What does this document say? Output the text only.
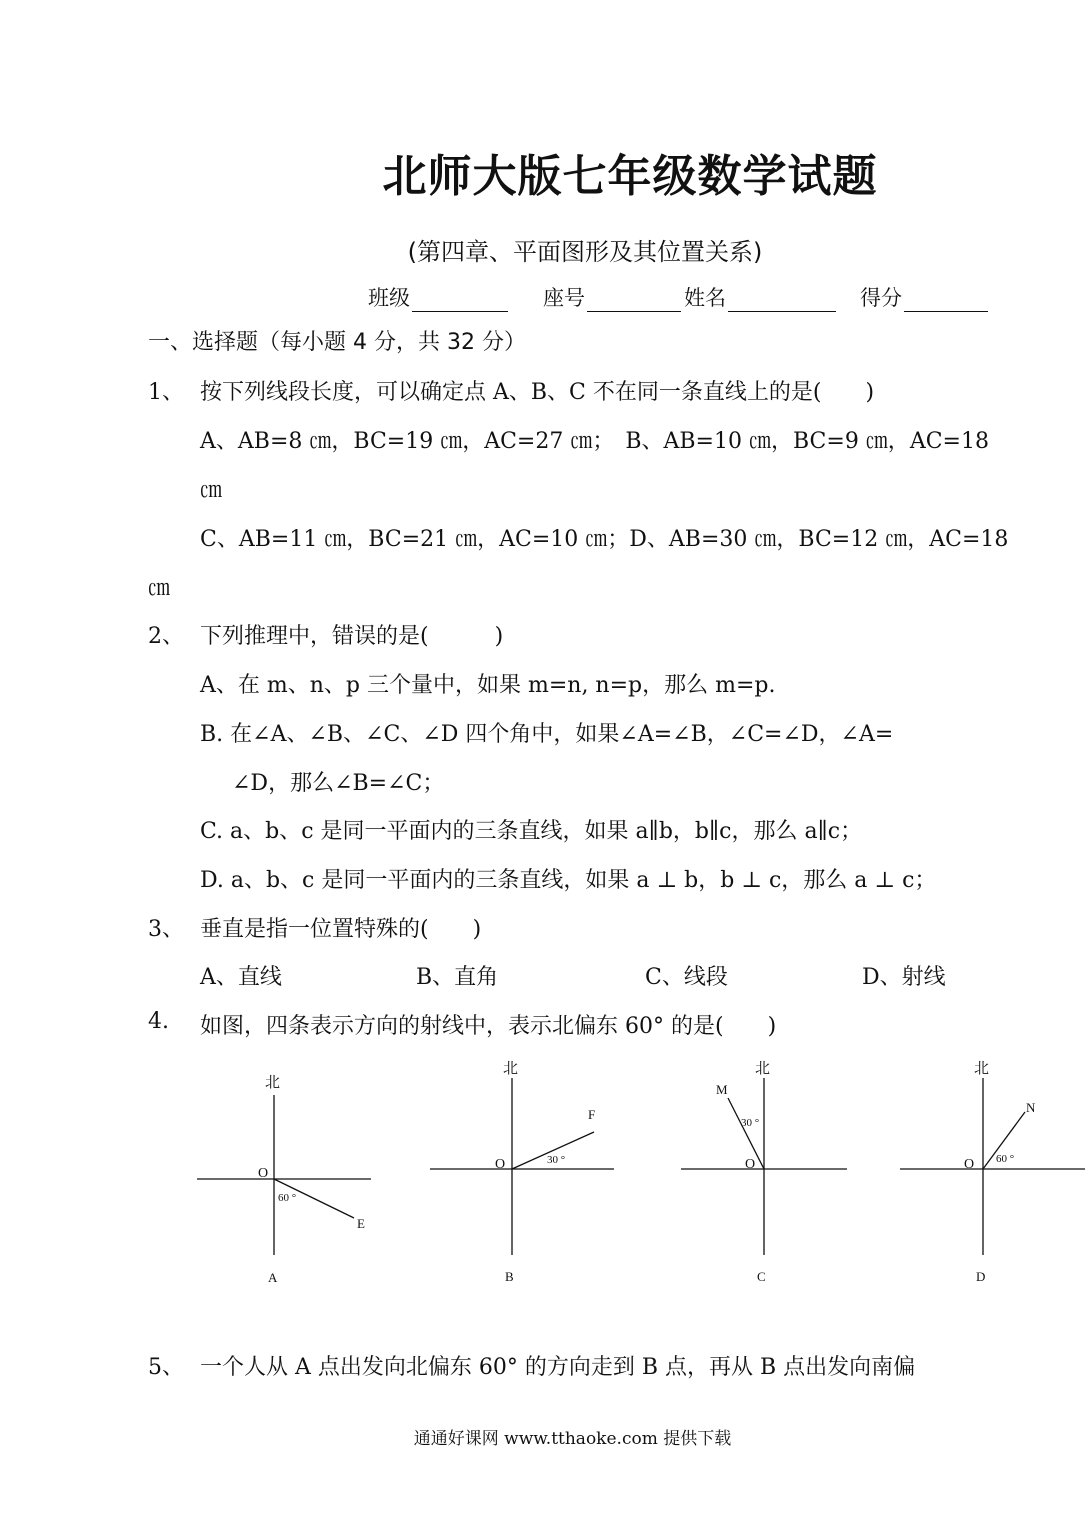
北师大版七年级数学试题
(第四章、平面图形及其位置关系)
班级	座号	姓名	得分
一、选择题（每小题 4 分，共 32 分）
1、 按下列线段长度，可以确定点 A、B、C 不在同一条直线上的是(　　)
A、AB=8 ㎝，BC=19 ㎝，AC=27 ㎝；　B、AB=10 ㎝，BC=9 ㎝，AC=18
㎝
C、AB=11 ㎝，BC=21 ㎝，AC=10 ㎝；D、AB=30 ㎝，BC=12 ㎝，AC=18
㎝
2、 下列推理中，错误的是(　　　)
A、在 m、n、p 三个量中，如果 m=n, n=p，那么 m=p.
B. 在∠A、∠B、∠C、∠D 四个角中，如果∠A=∠B，∠C=∠D，∠A=
∠D，那么∠B=∠C；
C. a、b、c 是同一平面内的三条直线，如果 a∥b，b∥c，那么 a∥c；
D. a、b、c 是同一平面内的三条直线，如果 a ⊥ b，b ⊥ c，那么 a ⊥ c；
3、 垂直是指一位置特殊的(　　)
A、直线	B、直角	C、线段	D、射线
4. 如图，四条表示方向的射线中，表示北偏东 60° 的是(　　)
北
O
60 °
E
A
北
O	30 °
F
B
北
O
30 °
M
C
北
O 60 °
N
D
5、 一个人从 A 点出发向北偏东 60° 的方向走到 B 点，再从 B 点出发向南偏
通通好课网 www.tthaoke.com 提供下载
